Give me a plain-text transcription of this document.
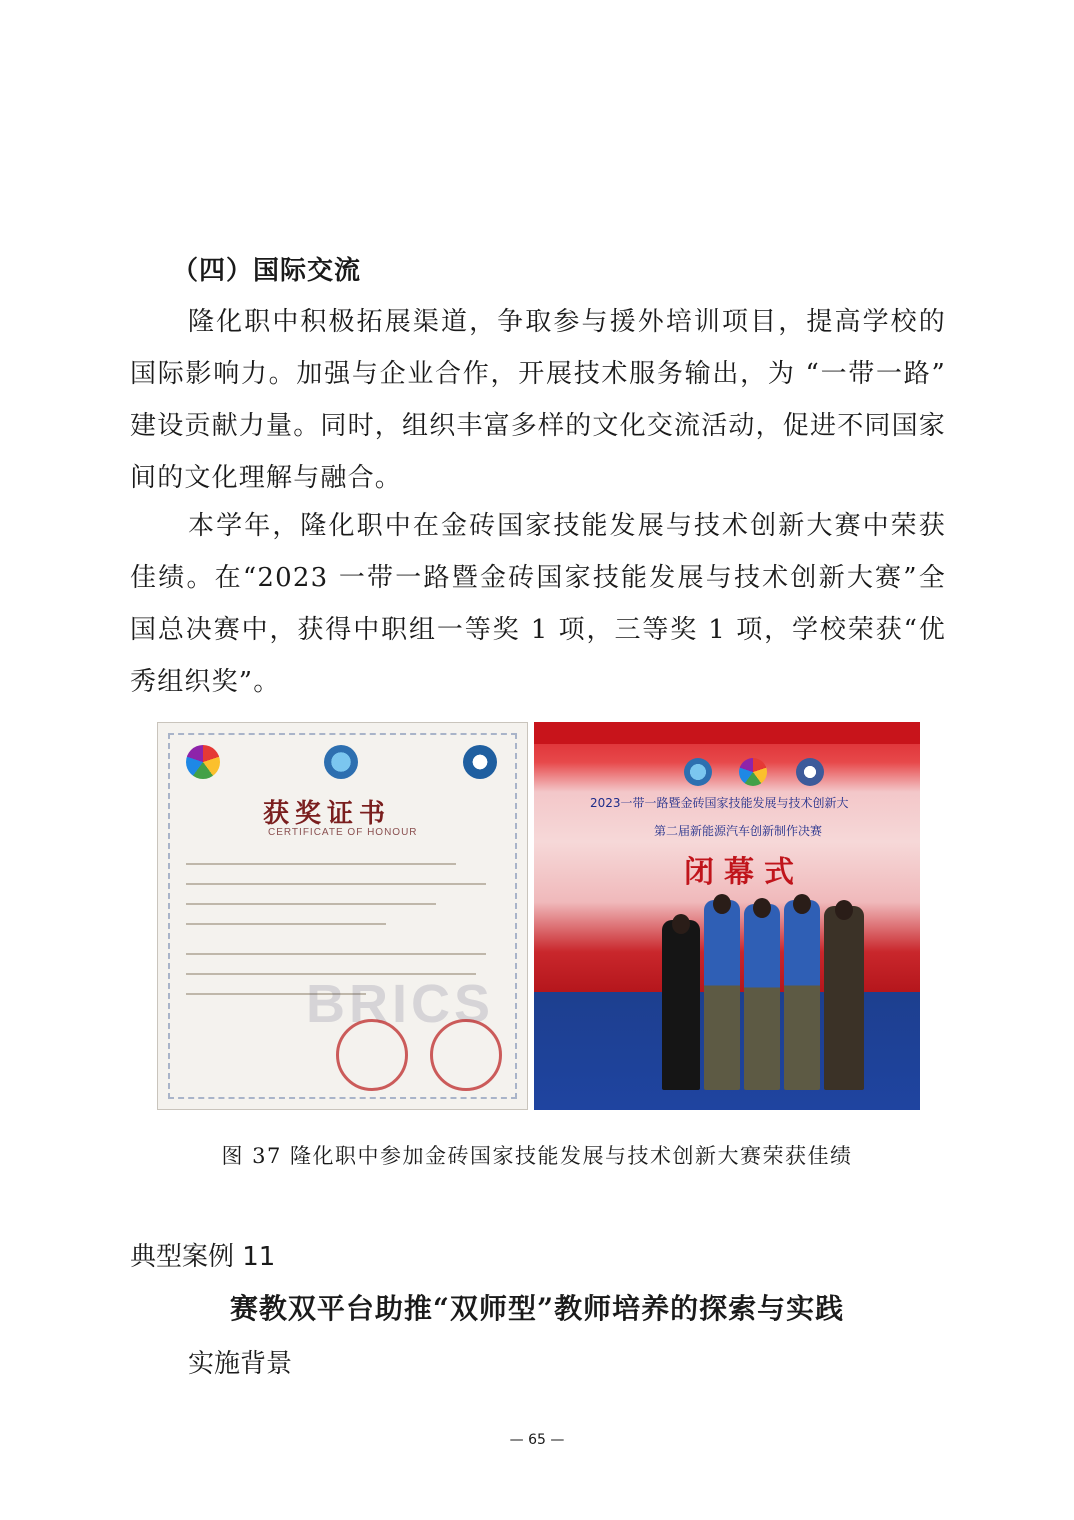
（四）国际交流

隆化职中积极拓展渠道，争取参与援外培训项目，提高学校的国际影响力。加强与企业合作，开展技术服务输出，为 “一带一路” 建设贡献力量。同时，组织丰富多样的文化交流活动，促进不同国家间的文化理解与融合。

本学年，隆化职中在金砖国家技能发展与技术创新大赛中荣获佳绩。在“2023 一带一路暨金砖国家技能发展与技术创新大赛”全国总决赛中，获得中职组一等奖 1 项，三等奖 1 项，学校荣获“优秀组织奖”。

获奖证书
CERTIFICATE OF HONOUR
BRICS
2023一带一路暨金砖国家技能发展与技术创新大
第二届新能源汽车创新制作决赛
闭幕式
图 37 隆化职中参加金砖国家技能发展与技术创新大赛荣获佳绩
典型案例 11
赛教双平台助推“双师型”教师培养的探索与实践
实施背景
— 65 —
